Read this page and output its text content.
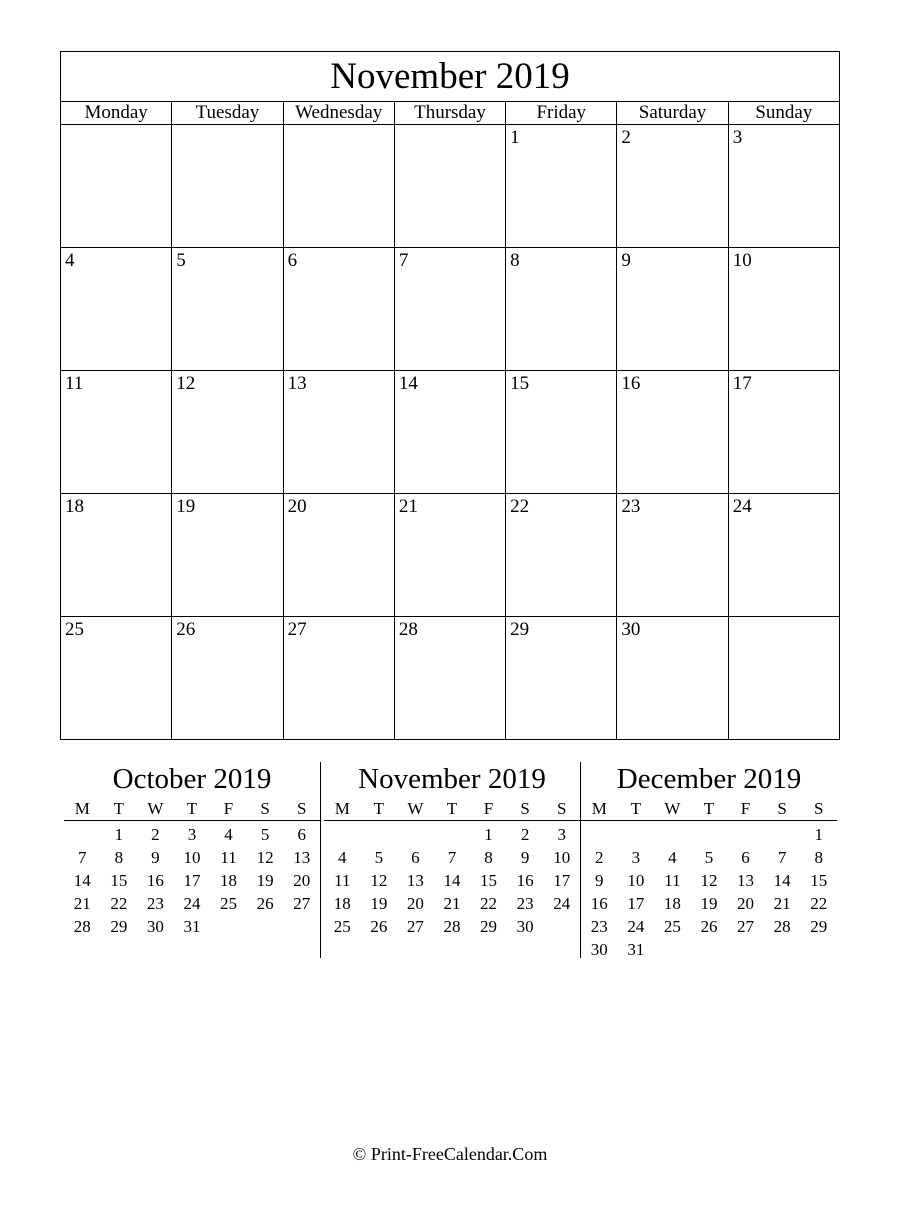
November 2019						
Monday	Tuesday	Wednesday	Thursday	Friday	Saturday	Sunday

				1	2	3

4	5	6	7	8	9	10

11	12	13	14	15	16	17

18	19	20	21	22	23	24

25	26	27	28	29	30	

October 2019
M	T	W	T	F	S	S
	1	2	3	4	5	6
7	8	9	10	11	12	13
14	15	16	17	18	19	20
21	22	23	24	25	26	27
28	29	30	31			
November 2019
M	T	W	T	F	S	S
				1	2	3
4	5	6	7	8	9	10
11	12	13	14	15	16	17
18	19	20	21	22	23	24
25	26	27	28	29	30	
December 2019
M	T	W	T	F	S	S
						1
2	3	4	5	6	7	8
9	10	11	12	13	14	15
16	17	18	19	20	21	22
23	24	25	26	27	28	29
30	31					
© Print-FreeCalendar.Com
